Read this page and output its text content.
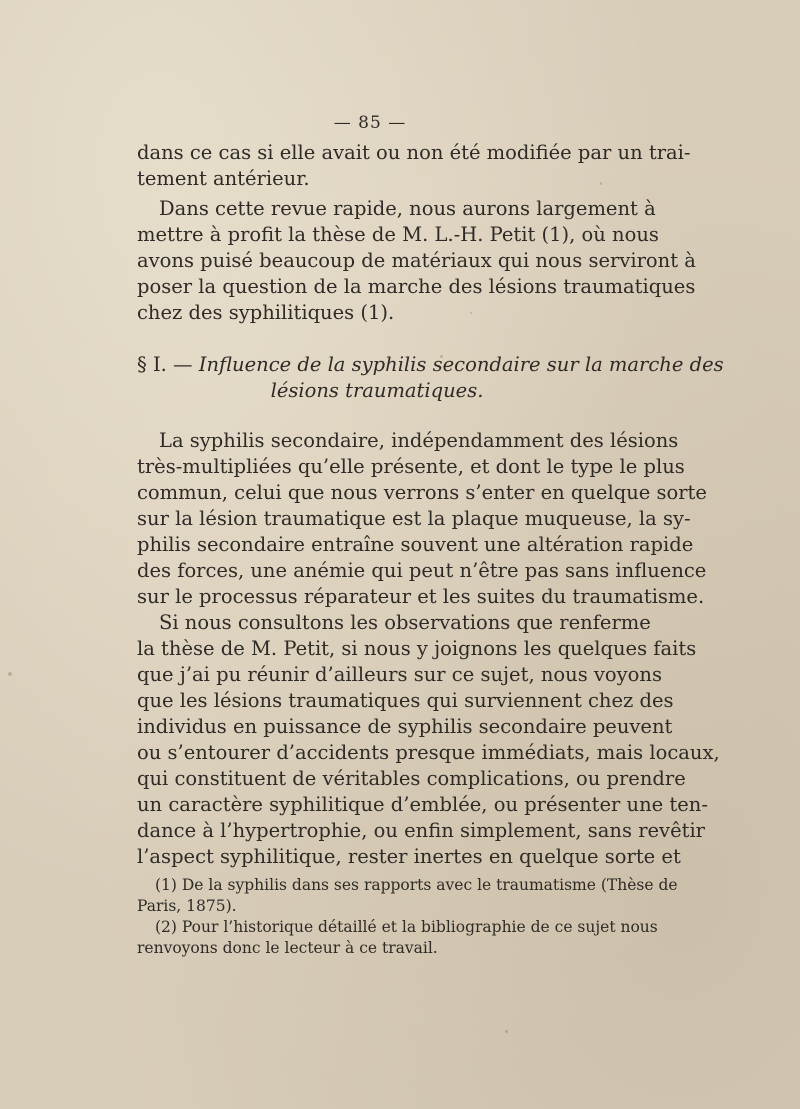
— 85 —
dans ce cas si elle avait ou non été modifiée par un trai-
tement antérieur.
Dans cette revue rapide, nous aurons largement à
mettre à profit la thèse de M. L.-H. Petit (1), où nous
avons puisé beaucoup de matériaux qui nous serviront à
poser la question de la marche des lésions traumatiques
chez des syphilitiques (1).
§ I. — Influence de la syphilis secondaire sur la marche des
lésions traumatiques.
La syphilis secondaire, indépendamment des lésions
très-multipliées qu’elle présente, et dont le type le plus
commun, celui que nous verrons s’enter en quelque sorte
sur la lésion traumatique est la plaque muqueuse, la sy-
philis secondaire entraîne souvent une altération rapide
des forces, une anémie qui peut n’être pas sans influence
sur le processus réparateur et les suites du traumatisme.
Si nous consultons les observations que renferme
la thèse de M. Petit, si nous y joignons les quelques faits
que j’ai pu réunir d’ailleurs sur ce sujet, nous voyons
que les lésions traumatiques qui surviennent chez des
individus en puissance de syphilis secondaire peuvent
ou s’entourer d’accidents presque immédiats, mais locaux,
qui constituent de véritables complications, ou prendre
un caractère syphilitique d’emblée, ou présenter une ten-
dance à l’hypertrophie, ou enfin simplement, sans revêtir
l’aspect syphilitique, rester inertes en quelque sorte et
(1) De la syphilis dans ses rapports avec le traumatisme (Thèse de
Paris, 1875).
(2) Pour l’historique détaillé et la bibliographie de ce sujet nous
renvoyons donc le lecteur à ce travail.
